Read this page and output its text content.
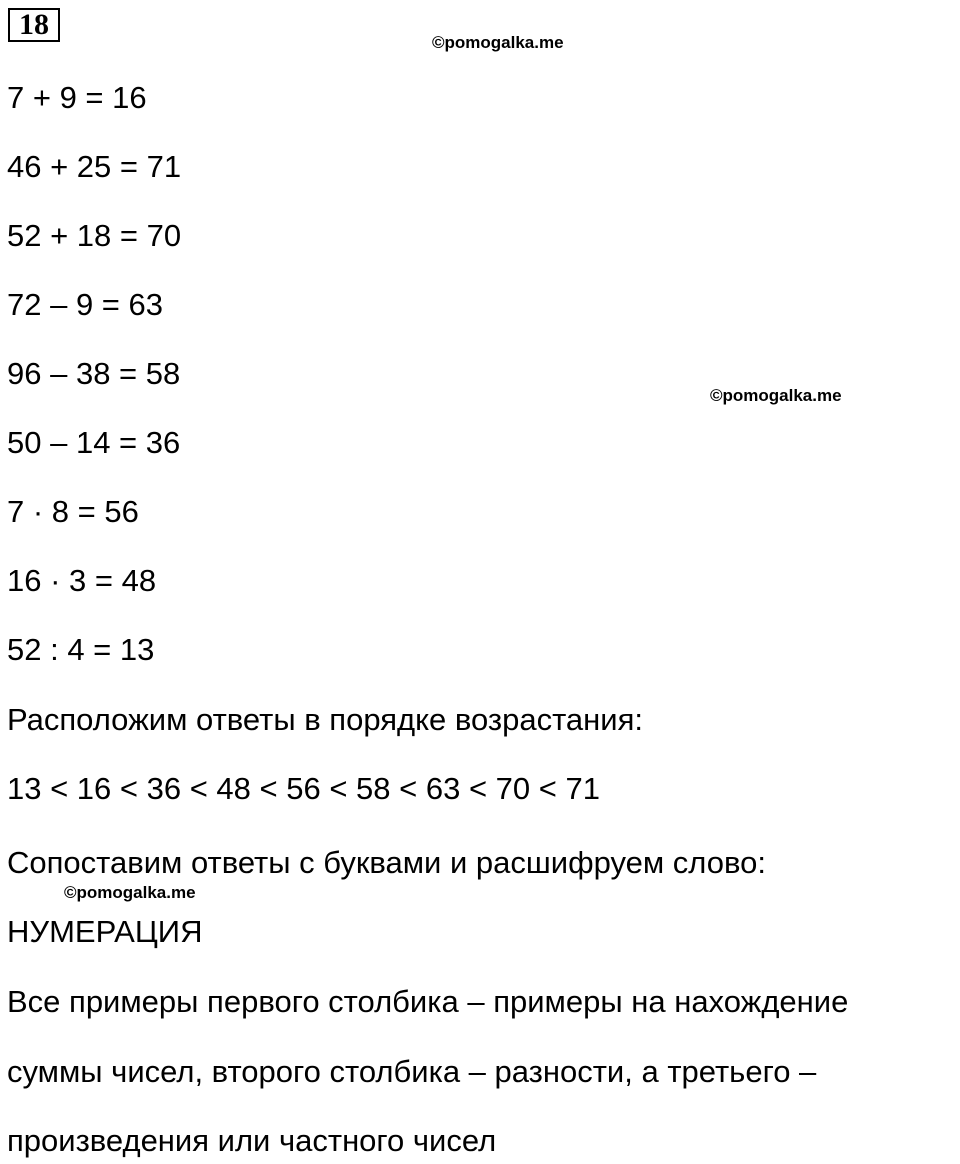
18
©pomogalka.me
©pomogalka.me
©pomogalka.me
7 + 9 = 16
46 + 25 = 71
52 + 18 = 70
72 – 9 = 63
96 – 38 = 58
50 – 14 = 36
7 · 8 = 56
16 · 3 = 48
52 : 4 = 13
Расположим ответы в порядке возрастания:
13 < 16 < 36 < 48 < 56 < 58 < 63 < 70 < 71
Сопоставим ответы с буквами и расшифруем слово:
НУМЕРАЦИЯ
Все примеры первого столбика – примеры на нахождение
суммы чисел, второго столбика – разности, а третьего –
произведения или частного чисел
